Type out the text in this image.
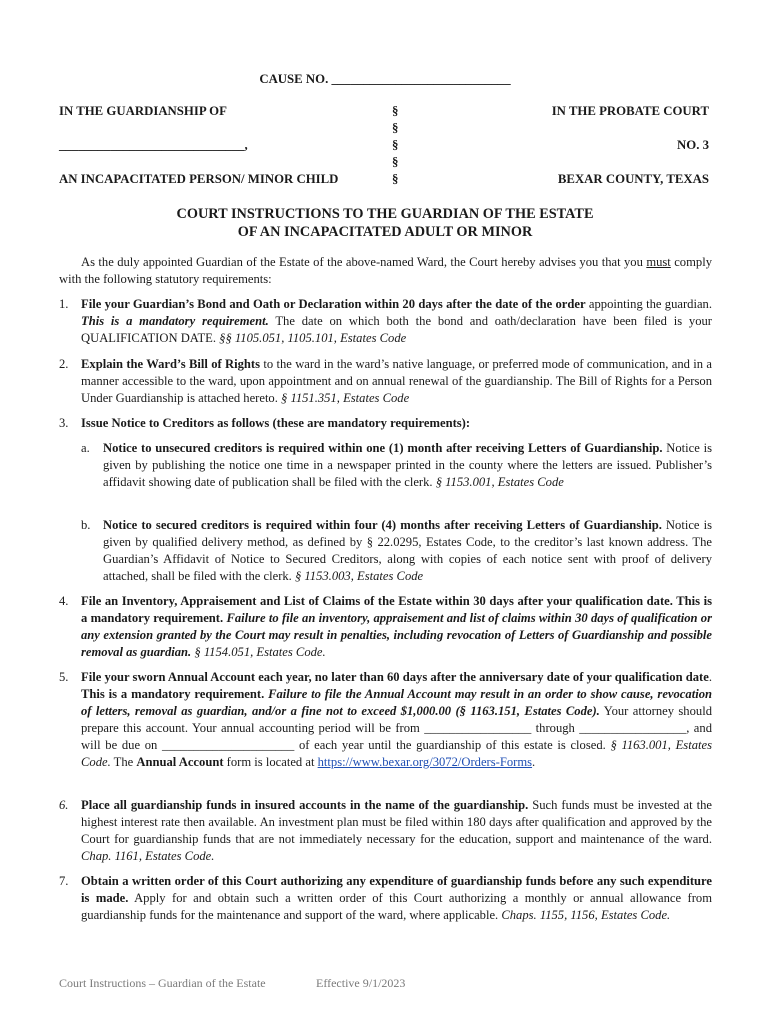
CAUSE NO. ____________________________
IN THE GUARDIANSHIP OF
_____________________________,
AN INCAPACITATED PERSON/ MINOR CHILD
§
§
§
§
§
IN THE PROBATE COURT
NO. 3
BEXAR COUNTY, TEXAS
COURT INSTRUCTIONS TO THE GUARDIAN OF THE ESTATE
OF AN INCAPACITATED ADULT OR MINOR
As the duly appointed Guardian of the Estate of the above-named Ward, the Court hereby advises you that you must comply with the following statutory requirements:
1. File your Guardian’s Bond and Oath or Declaration within 20 days after the date of the order appointing the guardian. This is a mandatory requirement. The date on which both the bond and oath/declaration have been filed is your QUALIFICATION DATE. §§ 1105.051, 1105.101, Estates Code
2. Explain the Ward’s Bill of Rights to the ward in the ward’s native language, or preferred mode of communication, and in a manner accessible to the ward, upon appointment and on annual renewal of the guardianship. The Bill of Rights for a Person Under Guardianship is attached hereto. § 1151.351, Estates Code
3. Issue Notice to Creditors as follows (these are mandatory requirements):
a. Notice to unsecured creditors is required within one (1) month after receiving Letters of Guardianship. Notice is given by publishing the notice one time in a newspaper printed in the county where the letters are issued. Publisher’s affidavit showing date of publication shall be filed with the clerk. § 1153.001, Estates Code
b. Notice to secured creditors is required within four (4) months after receiving Letters of Guardianship. Notice is given by qualified delivery method, as defined by § 22.0295, Estates Code, to the creditor’s last known address. The Guardian’s Affidavit of Notice to Secured Creditors, along with copies of each notice sent with proof of delivery attached, shall be filed with the clerk. § 1153.003, Estates Code
4. File an Inventory, Appraisement and List of Claims of the Estate within 30 days after your qualification date. This is a mandatory requirement. Failure to file an inventory, appraisement and list of claims within 30 days of qualification or any extension granted by the Court may result in penalties, including revocation of Letters of Guardianship and possible removal as guardian. § 1154.051, Estates Code.
5. File your sworn Annual Account each year, no later than 60 days after the anniversary date of your qualification date. This is a mandatory requirement. Failure to file the Annual Account may result in an order to show cause, revocation of letters, removal as guardian, and/or a fine not to exceed $1,000.00 (§ 1163.151, Estates Code). Your attorney should prepare this account. Your annual accounting period will be from _________________ through _________________, and will be due on _____________________ of each year until the guardianship of this estate is closed. § 1163.001, Estates Code. The Annual Account form is located at https://www.bexar.org/3072/Orders-Forms.
6. Place all guardianship funds in insured accounts in the name of the guardianship. Such funds must be invested at the highest interest rate then available. An investment plan must be filed within 180 days after qualification and approved by the Court for guardianship funds that are not immediately necessary for the education, support and maintenance of the ward. Chap. 1161, Estates Code.
7. Obtain a written order of this Court authorizing any expenditure of guardianship funds before any such expenditure is made. Apply for and obtain such a written order of this Court authorizing a monthly or annual allowance from guardianship funds for the maintenance and support of the ward, where applicable. Chaps. 1155, 1156, Estates Code.
Court Instructions – Guardian of the Estate	Effective 9/1/2023
